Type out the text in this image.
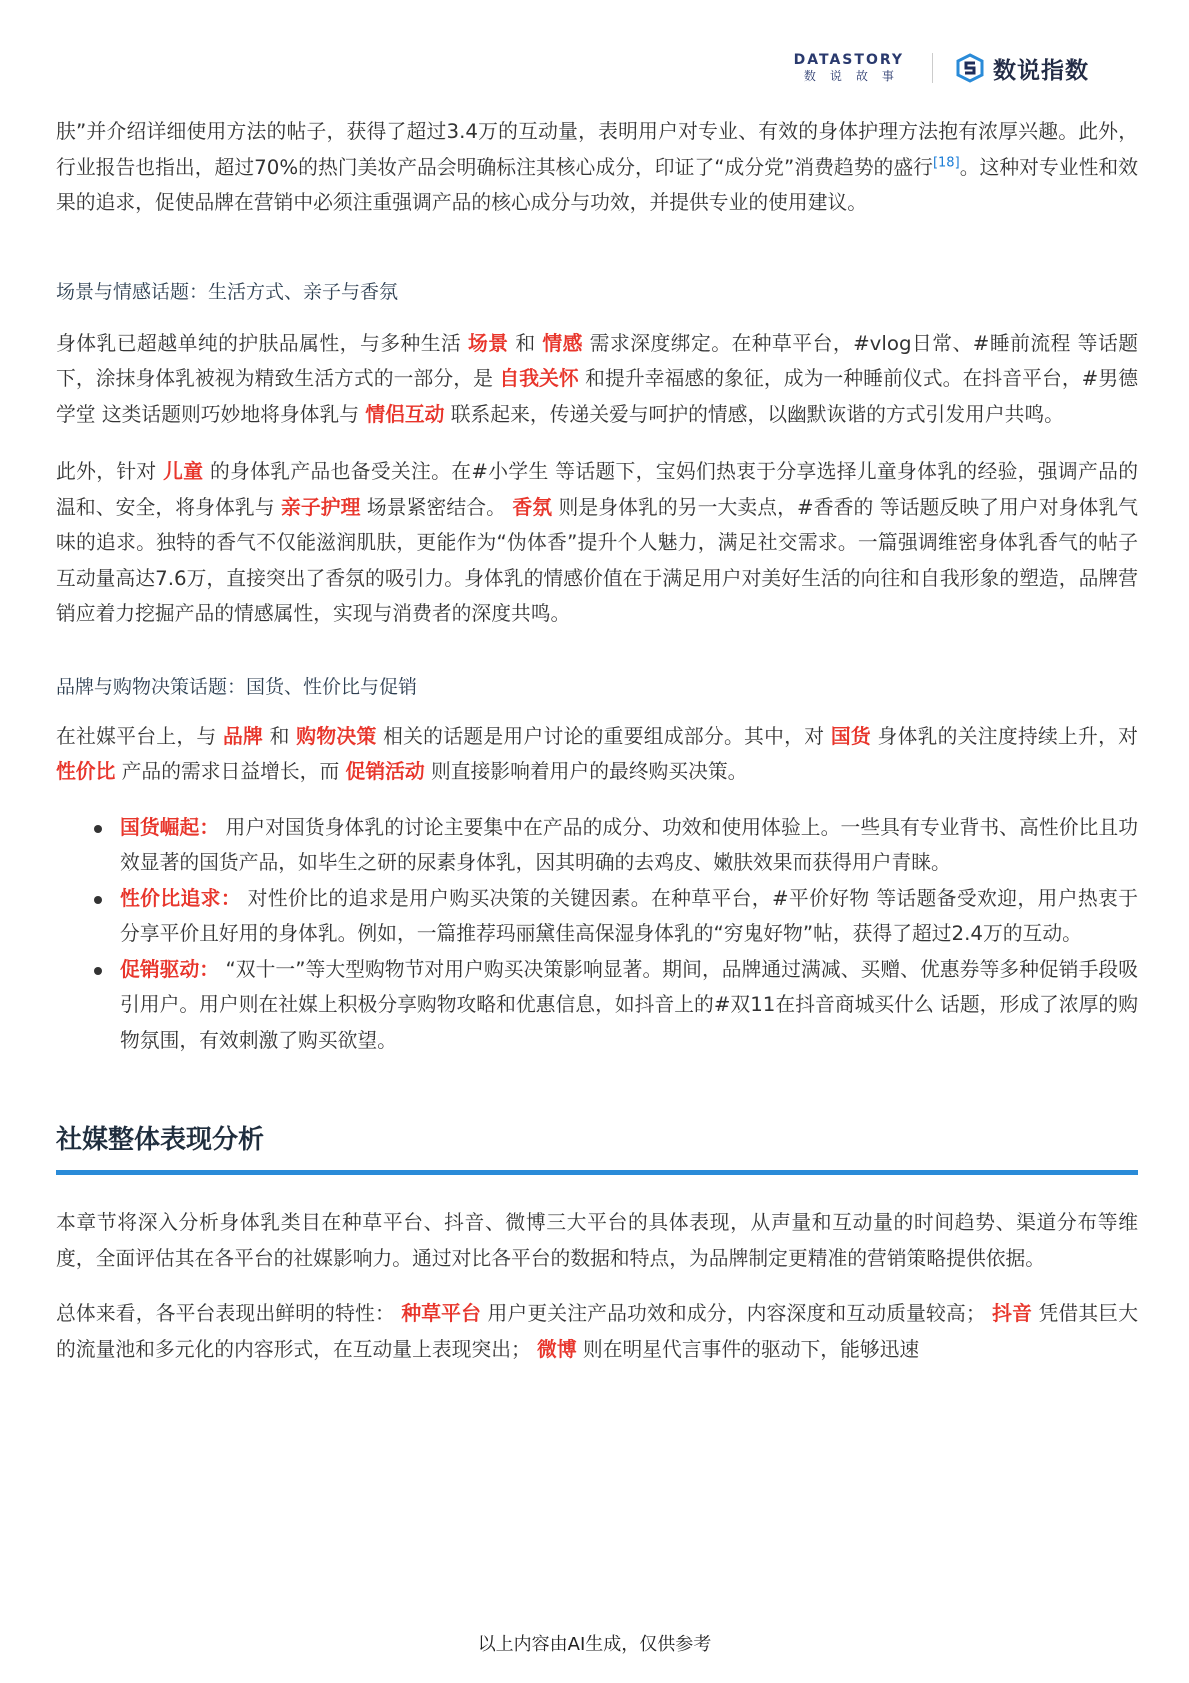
DATASTORY
数说故事	数说指数

肤”并介绍详细使用方法的帖子，获得了超过3.4万的互动量，表明用户对专业、有效的身体护理方法抱有浓厚兴趣。此外，行业报告也指出，超过70%的热门美妆产品会明确标注其核心成分，印证了“成分党”消费趋势的盛行[18]。这种对专业性和效果的追求，促使品牌在营销中必须注重强调产品的核心成分与功效，并提供专业的使用建议。

场景与情感话题：生活方式、亲子与香氛

身体乳已超越单纯的护肤品属性，与多种生活 场景 和 情感 需求深度绑定。在种草平台，#vlog日常、#睡前流程 等话题下，涂抹身体乳被视为精致生活方式的一部分，是 自我关怀 和提升幸福感的象征，成为一种睡前仪式。在抖音平台，#男德学堂 这类话题则巧妙地将身体乳与 情侣互动 联系起来，传递关爱与呵护的情感，以幽默诙谐的方式引发用户共鸣。

此外，针对 儿童 的身体乳产品也备受关注。在#小学生 等话题下，宝妈们热衷于分享选择儿童身体乳的经验，强调产品的温和、安全，将身体乳与 亲子护理 场景紧密结合。 香氛 则是身体乳的另一大卖点，#香香的 等话题反映了用户对身体乳气味的追求。独特的香气不仅能滋润肌肤，更能作为“伪体香”提升个人魅力，满足社交需求。一篇强调维密身体乳香气的帖子互动量高达7.6万，直接突出了香氛的吸引力。身体乳的情感价值在于满足用户对美好生活的向往和自我形象的塑造，品牌营销应着力挖掘产品的情感属性，实现与消费者的深度共鸣。

品牌与购物决策话题：国货、性价比与促销

在社媒平台上，与 品牌 和 购物决策 相关的话题是用户讨论的重要组成部分。其中，对 国货 身体乳的关注度持续上升，对 性价比 产品的需求日益增长，而 促销活动 则直接影响着用户的最终购买决策。

国货崛起： 用户对国货身体乳的讨论主要集中在产品的成分、功效和使用体验上。一些具有专业背书、高性价比且功效显著的国货产品，如毕生之研的尿素身体乳，因其明确的去鸡皮、嫩肤效果而获得用户青睐。
性价比追求： 对性价比的追求是用户购买决策的关键因素。在种草平台，#平价好物 等话题备受欢迎，用户热衷于分享平价且好用的身体乳。例如，一篇推荐玛丽黛佳高保湿身体乳的“穷鬼好物”帖，获得了超过2.4万的互动。
促销驱动： “双十一”等大型购物节对用户购买决策影响显著。期间，品牌通过满减、买赠、优惠券等多种促销手段吸引用户。用户则在社媒上积极分享购物攻略和优惠信息，如抖音上的#双11在抖音商城买什么 话题，形成了浓厚的购物氛围，有效刺激了购买欲望。
社媒整体表现分析

本章节将深入分析身体乳类目在种草平台、抖音、微博三大平台的具体表现，从声量和互动量的时间趋势、渠道分布等维度，全面评估其在各平台的社媒影响力。通过对比各平台的数据和特点，为品牌制定更精准的营销策略提供依据。

总体来看，各平台表现出鲜明的特性： 种草平台 用户更关注产品功效和成分，内容深度和互动质量较高； 抖音 凭借其巨大的流量池和多元化的内容形式，在互动量上表现突出； 微博 则在明星代言事件的驱动下，能够迅速

以上内容由AI生成，仅供参考
